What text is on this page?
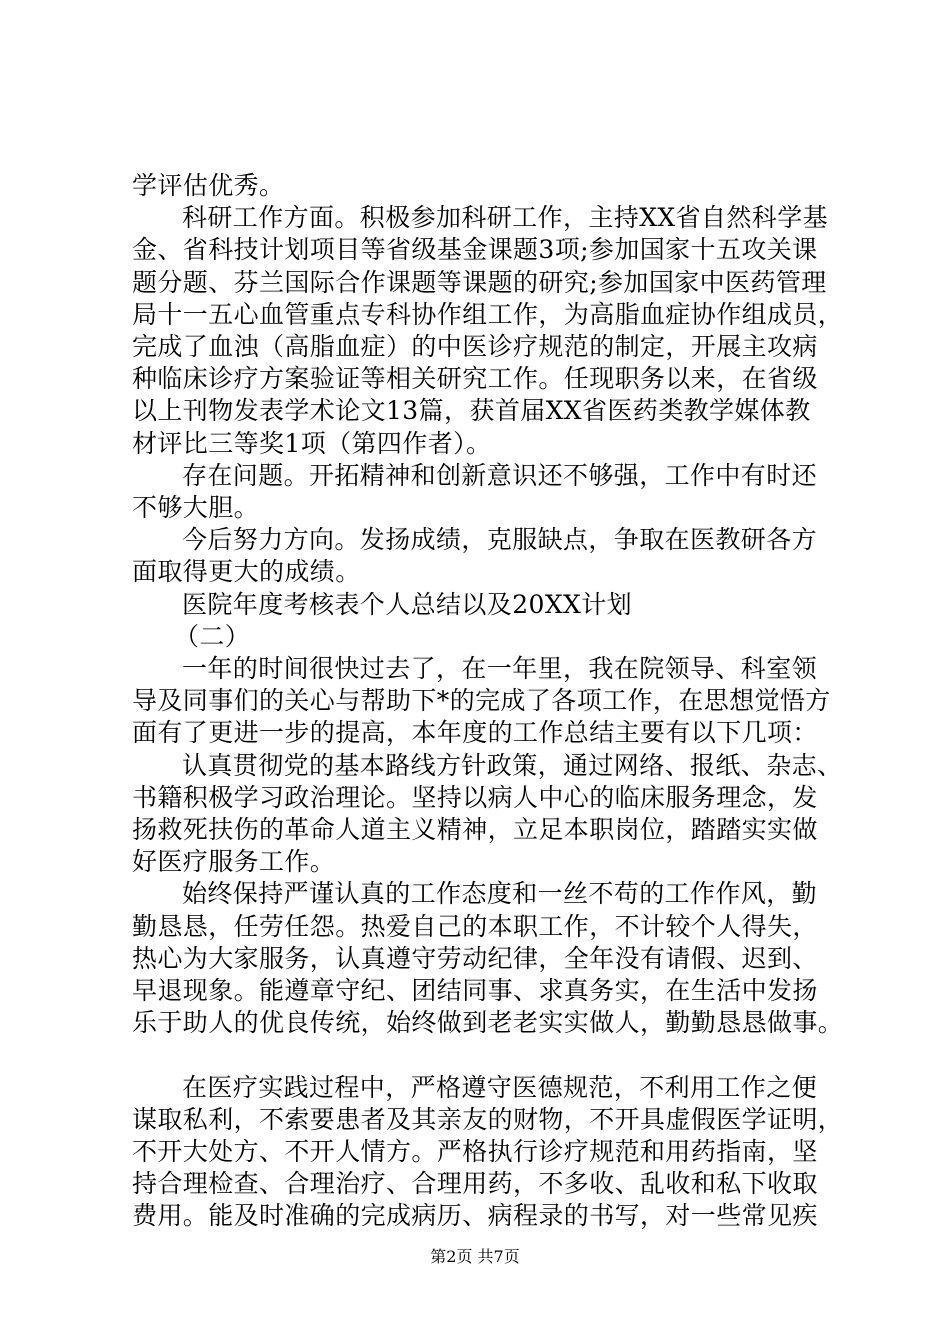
学评估优秀。
科研工作方面。积极参加科研工作，主持XX省自然科学基
金、省科技计划项目等省级基金课题3项;参加国家十五攻关课
题分题、芬兰国际合作课题等课题的研究;参加国家中医药管理
局十一五心血管重点专科协作组工作，为高脂血症协作组成员，
完成了血浊（高脂血症）的中医诊疗规范的制定，开展主攻病
种临床诊疗方案验证等相关研究工作。任现职务以来，在省级
以上刊物发表学术论文13篇，获首届XX省医药类教学媒体教
材评比三等奖1项（第四作者）。
存在问题。开拓精神和创新意识还不够强，工作中有时还
不够大胆。
今后努力方向。发扬成绩，克服缺点，争取在医教研各方
面取得更大的成绩。
医院年度考核表个人总结以及20XX计划
（二）
一年的时间很快过去了，在一年里，我在院领导、科室领
导及同事们的关心与帮助下*的完成了各项工作，在思想觉悟方
面有了更进一步的提高，本年度的工作总结主要有以下几项：
认真贯彻党的基本路线方针政策，通过网络、报纸、杂志、
书籍积极学习政治理论。坚持以病人中心的临床服务理念，发
扬救死扶伤的革命人道主义精神，立足本职岗位，踏踏实实做
好医疗服务工作。
始终保持严谨认真的工作态度和一丝不苟的工作作风，勤
勤恳恳，任劳任怨。热爱自己的本职工作，不计较个人得失，
热心为大家服务，认真遵守劳动纪律，全年没有请假、迟到、
早退现象。能遵章守纪、团结同事、求真务实，在生活中发扬
乐于助人的优良传统，始终做到老老实实做人，勤勤恳恳做事。
在医疗实践过程中，严格遵守医德规范，不利用工作之便
谋取私利，不索要患者及其亲友的财物，不开具虚假医学证明，
不开大处方、不开人情方。严格执行诊疗规范和用药指南，坚
持合理检查、合理治疗、合理用药，不多收、乱收和私下收取
费用。能及时准确的完成病历、病程录的书写，对一些常见疾
第2页 共7页
